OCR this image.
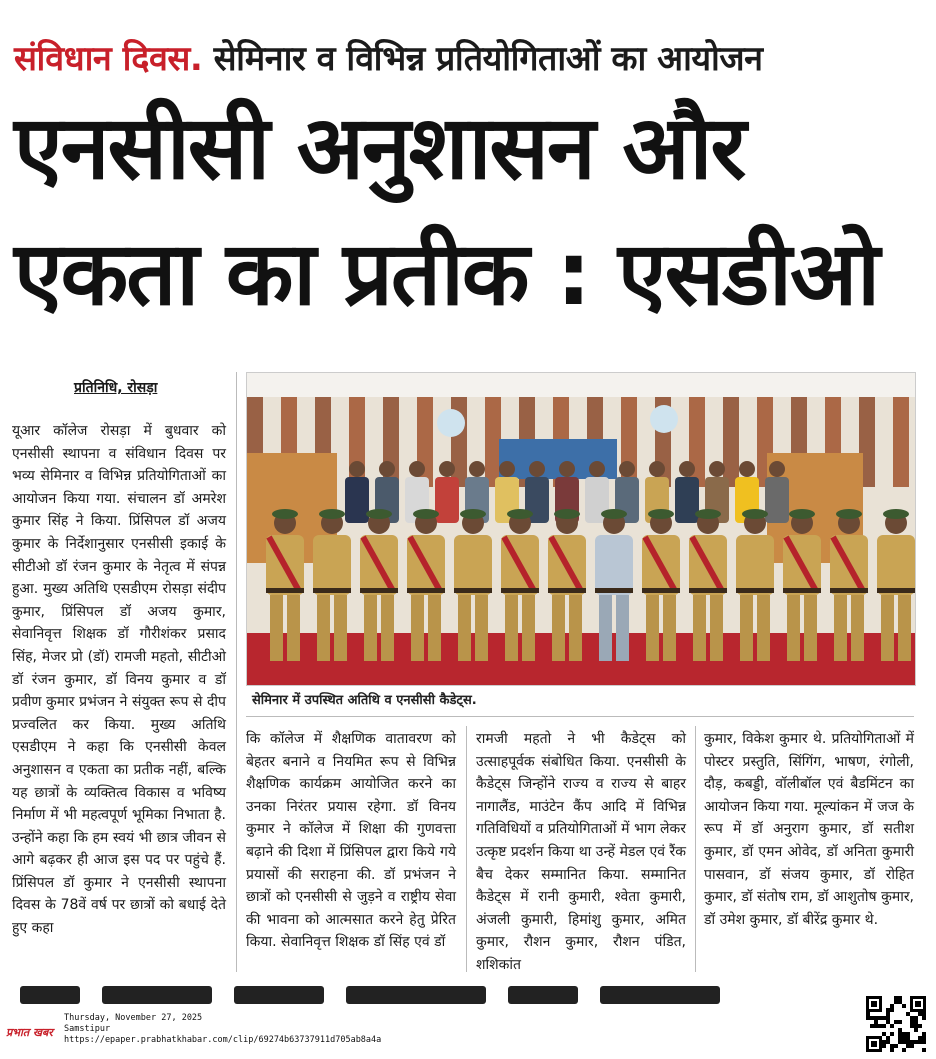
संविधान दिवस. सेमिनार व विभिन्न प्रतियोगिताओं का आयोजन
एनसीसी अनुशासन और
एकता का प्रतीक : एसडीओ
प्रतिनिधि, रोसड़ा
सेमिनार में उपस्थित अतिथि व एनसीसी कैडेट्स.

यूआर कॉलेज रोसड़ा में बुधवार को एनसीसी स्थापना व संविधान दिवस पर भव्य सेमिनार व विभिन्न प्रतियोगिताओं का आयोजन किया गया. संचालन डॉ अमरेश कुमार सिंह ने किया. प्रिंसिपल डॉ अजय कुमार के निर्देशानुसार एनसीसी इकाई के सीटीओ डॉ रंजन कुमार के नेतृत्व में संपन्न हुआ. मुख्य अतिथि एसडीएम रोसड़ा संदीप कुमार, प्रिंसिपल डॉ अजय कुमार, सेवानिवृत्त शिक्षक डॉ गौरीशंकर प्रसाद सिंह, मेजर प्रो (डॉ) रामजी महतो, सीटीओ डॉ रंजन कुमार, डॉ विनय कुमार व डॉ प्रवीण कुमार प्रभंजन ने संयुक्त रूप से दीप प्रज्वलित कर किया. मुख्य अतिथि एसडीएम ने कहा कि एनसीसी केवल अनुशासन व एकता का प्रतीक नहीं, बल्कि यह छात्रों के व्यक्तित्व विकास व भविष्य निर्माण में भी महत्वपूर्ण भूमिका निभाता है. उन्होंने कहा कि हम स्वयं भी छात्र जीवन से आगे बढ़कर ही आज इस पद पर पहुंचे हैं. प्रिंसिपल डॉ कुमार ने एनसीसी स्थापना दिवस के 78वें वर्ष पर छात्रों को बधाई देते हुए कहा

कि कॉलेज में शैक्षणिक वातावरण को बेहतर बनाने व नियमित रूप से विभिन्न शैक्षणिक कार्यक्रम आयोजित करने का उनका निरंतर प्रयास रहेगा. डॉ विनय कुमार ने कॉलेज में शिक्षा की गुणवत्ता बढ़ाने की दिशा में प्रिंसिपल द्वारा किये गये प्रयासों की सराहना की. डॉ प्रभंजन ने छात्रों को एनसीसी से जुड़ने व राष्ट्रीय सेवा की भावना को आत्मसात करने हेतु प्रेरित किया. सेवानिवृत्त शिक्षक डॉ सिंह एवं डॉ

रामजी महतो ने भी कैडेट्स को उत्साहपूर्वक संबोधित किया. एनसीसी के कैडेट्स जिन्होंने राज्य व राज्य से बाहर नागालैंड, माउंटेन कैंप आदि में विभिन्न गतिविधियों व प्रतियोगिताओं में भाग लेकर उत्कृष्ट प्रदर्शन किया था उन्हें मेडल एवं रैंक बैच देकर सम्मानित किया. सम्मानित कैडेट्स में रानी कुमारी, श्वेता कुमारी, अंजली कुमारी, हिमांशु कुमार, अमित कुमार, रौशन कुमार, रौशन पंडित, शशिकांत

कुमार, विकेश कुमार थे. प्रतियोगिताओं में पोस्टर प्रस्तुति, सिंगिंग, भाषण, रंगोली, दौड़, कबड्डी, वॉलीबॉल एवं बैडमिंटन का आयोजन किया गया. मूल्यांकन में जज के रूप में डॉ अनुराग कुमार, डॉ सतीश कुमार, डॉ एमन ओवेद, डॉ अनिता कुमारी पासवान, डॉ संजय कुमार, डॉ रोहित कुमार, डॉ संतोष राम, डॉ आशुतोष कुमार, डॉ उमेश कुमार, डॉ बीरेंद्र कुमार थे.

प्रभात खबर
Thursday, November 27, 2025
Samstipur
https://epaper.prabhatkhabar.com/clip/69274b63737911d705ab8a4a
